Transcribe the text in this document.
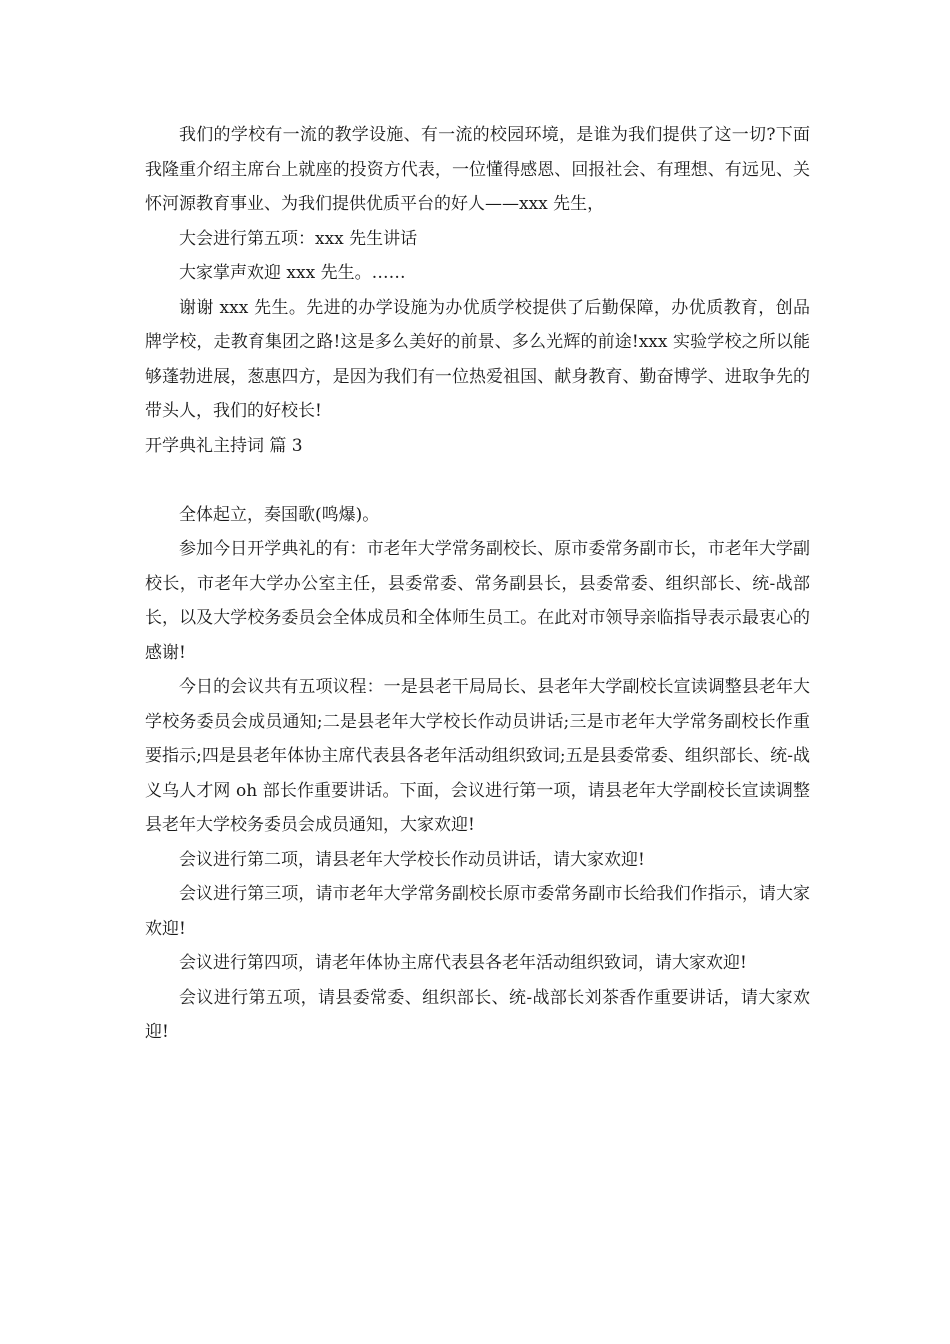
我们的学校有一流的教学设施、有一流的校园环境，是谁为我们提供了这一切?下面我隆重介绍主席台上就座的投资方代表，一位懂得感恩、回报社会、有理想、有远见、关怀河源教育事业、为我们提供优质平台的好人——xxx 先生，

大会进行第五项：xxx 先生讲话

大家掌声欢迎 xxx 先生。……

谢谢 xxx 先生。先进的办学设施为办优质学校提供了后勤保障，办优质教育，创品牌学校，走教育集团之路!这是多么美好的前景、多么光辉的前途!xxx 实验学校之所以能够蓬勃进展，葱惠四方，是因为我们有一位热爱祖国、献身教育、勤奋博学、进取争先的带头人，我们的好校长!

开学典礼主持词 篇 3

全体起立，奏国歌(鸣爆)。

参加今日开学典礼的有：市老年大学常务副校长、原市委常务副市长，市老年大学副校长，市老年大学办公室主任，县委常委、常务副县长，县委常委、组织部长、统-战部长，以及大学校务委员会全体成员和全体师生员工。在此对市领导亲临指导表示最衷心的感谢!

今日的会议共有五项议程：一是县老干局局长、县老年大学副校长宣读调整县老年大学校务委员会成员通知;二是县老年大学校长作动员讲话;三是市老年大学常务副校长作重要指示;四是县老年体协主席代表县各老年活动组织致词;五是县委常委、组织部长、统-战义乌人才网 oh 部长作重要讲话。下面，会议进行第一项，请县老年大学副校长宣读调整县老年大学校务委员会成员通知，大家欢迎!

会议进行第二项，请县老年大学校长作动员讲话，请大家欢迎!

会议进行第三项，请市老年大学常务副校长原市委常务副市长给我们作指示，请大家欢迎!

会议进行第四项，请老年体协主席代表县各老年活动组织致词，请大家欢迎!

会议进行第五项，请县委常委、组织部长、统-战部长刘茶香作重要讲话，请大家欢迎!
